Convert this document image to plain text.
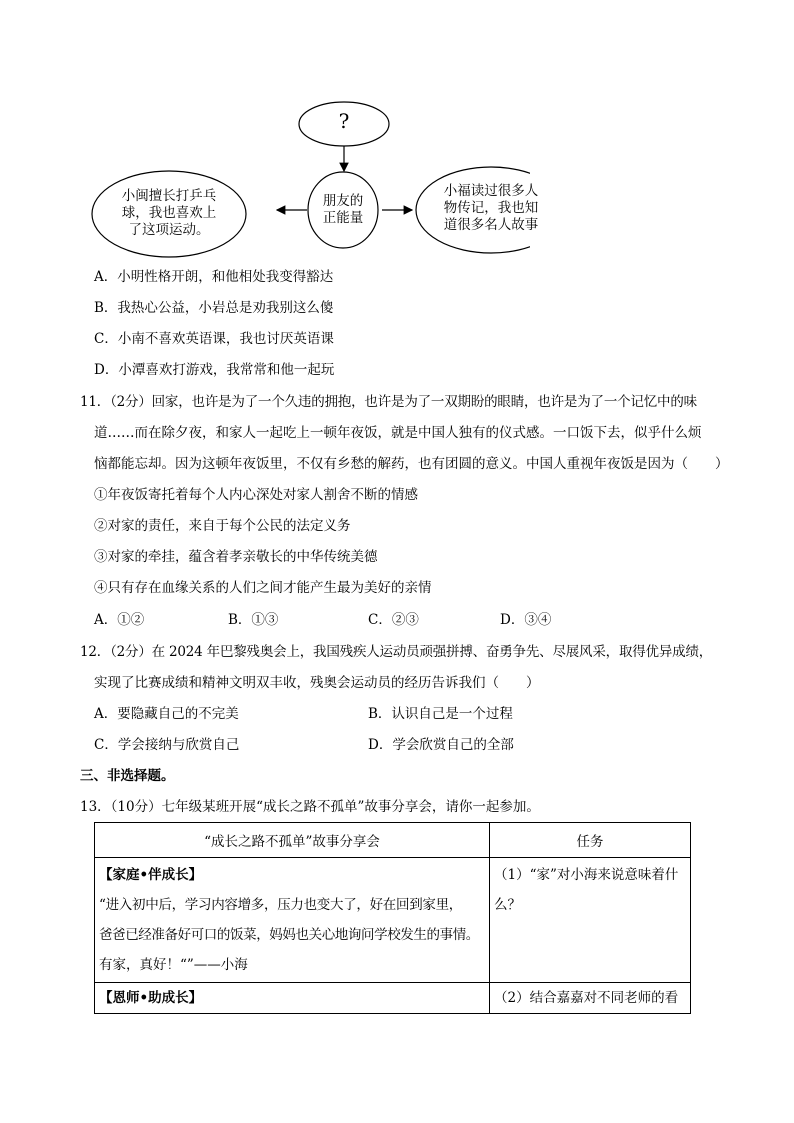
?
朋友的
正能量
小闽擅长打乒乓
球，我也喜欢上
了这项运动。
小福读过很多人
物传记，我也知
道很多名人故事
A．小明性格开朗，和他相处我变得豁达
B．我热心公益，小岩总是劝我别这么傻
C．小南不喜欢英语课，我也讨厌英语课
D．小潭喜欢打游戏，我常常和他一起玩
11．（2分）回家，也许是为了一个久违的拥抱，也许是为了一双期盼的眼睛，也许是为了一个记忆中的味
道……而在除夕夜，和家人一起吃上一顿年夜饭，就是中国人独有的仪式感。一口饭下去，似乎什么烦
恼都能忘却。因为这顿年夜饭里，不仅有乡愁的解药，也有团圆的意义。中国人重视年夜饭是因为（　　）
①年夜饭寄托着每个人内心深处对家人割舍不断的情感
②对家的责任，来自于每个公民的法定义务
③对家的牵挂，蕴含着孝亲敬长的中华传统美德
④只有存在血缘关系的人们之间才能产生最为美好的亲情
A．①②	B．①③	C．②③	D．③④
12．（2分）在 2024 年巴黎残奥会上，我国残疾人运动员顽强拼搏、奋勇争先、尽展风采，取得优异成绩，
实现了比赛成绩和精神文明双丰收，残奥会运动员的经历告诉我们（　　）
A．要隐藏自己的不完美	B．认识自己是一个过程
C．学会接纳与欣赏自己	D．学会欣赏自己的全部
三、非选择题。
13．（10分）七年级某班开展“成长之路不孤单”故事分享会，请你一起参加。
“成长之路不孤单”故事分享会	任务

【家庭•伴成长】
“进入初中后，学习内容增多，压力也变大了，好在回到家里，
爸爸已经准备好可口的饭菜，妈妈也关心地询问学校发生的事情。
有家，真好！“”——小海	（1）“家”对小海来说意味着什
么？

【恩师•助成长】	（2）结合嘉嘉对不同老师的看
